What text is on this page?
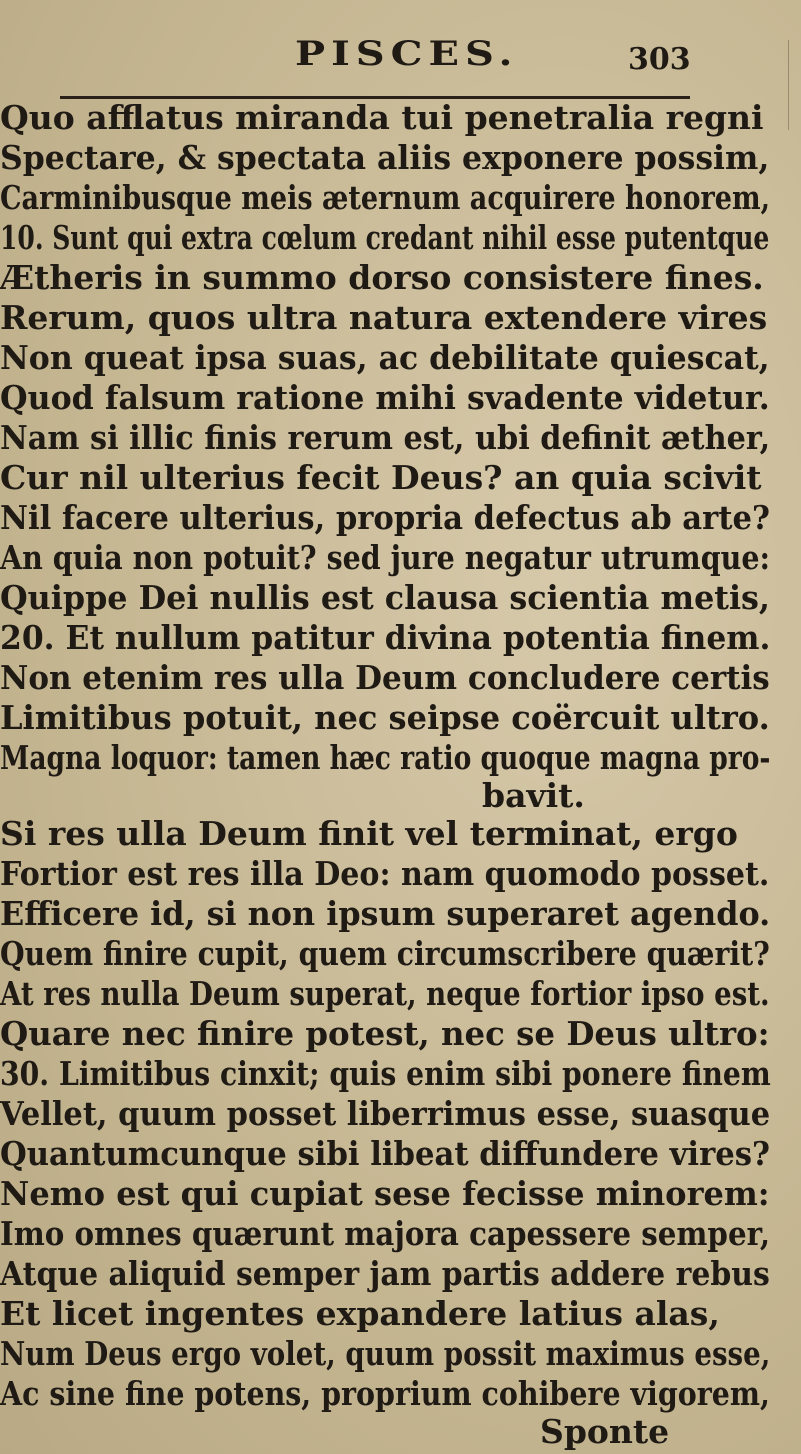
PISCES.	303
Quo afflatus miranda tui penetralia regni
Spectare, & spectata aliis exponere possim,
Carminibusque meis æternum acquirere honorem,
10. Sunt qui extra cœlum credant nihil esse putentque
Ætheris in summo dorso consistere fines.
Rerum, quos ultra natura extendere vires
Non queat ipsa suas, ac debilitate quiescat,
Quod falsum ratione mihi svadente videtur.
Nam si illic finis rerum est, ubi definit æther,
Cur nil ulterius fecit Deus? an quia scivit
Nil facere ulterius, propria defectus ab arte?
An quia non potuit? sed jure negatur utrumque:
Quippe Dei nullis est clausa scientia metis,
20. Et nullum patitur divina potentia finem.
Non etenim res ulla Deum concludere certis
Limitibus potuit, nec seipse coërcuit ultro.
Magna loquor: tamen hæc ratio quoque magna pro-
bavit.
Si res ulla Deum finit vel terminat, ergo
Fortior est res illa Deo: nam quomodo posset.
Efficere id, si non ipsum superaret agendo.
Quem finire cupit, quem circumscribere quærit?
At res nulla Deum superat, neque fortior ipso est.
Quare nec finire potest, nec se Deus ultro:
30. Limitibus cinxit; quis enim sibi ponere finem
Vellet, quum posset liberrimus esse, suasque
Quantumcunque sibi libeat diffundere vires?
Nemo est qui cupiat sese fecisse minorem:
Imo omnes quærunt majora capessere semper,
Atque aliquid semper jam partis addere rebus
Et licet ingentes expandere latius alas,
Num Deus ergo volet, quum possit maximus esse,
Ac sine fine potens, proprium cohibere vigorem,
Sponte
